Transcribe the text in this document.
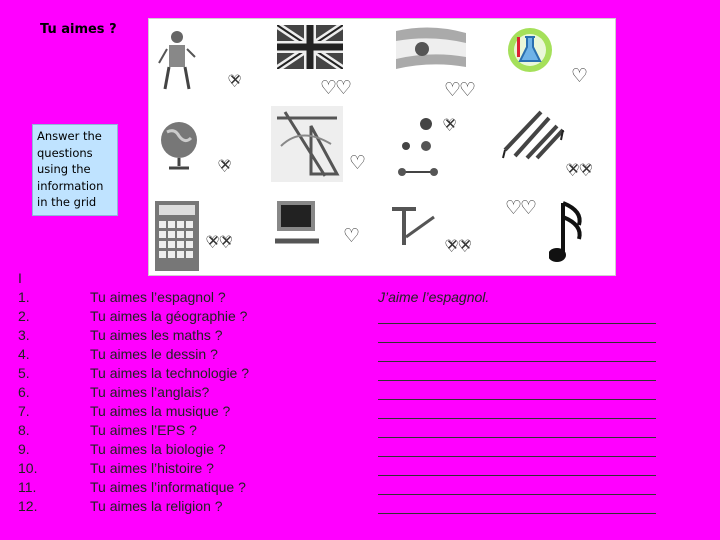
Tu aimes ?
♡ ✕	♡♡	♡♡
♡
♡ ✕	♡
♡ ✕
♡ ✕♡ ✕
♡ ✕♡ ✕	♡	♡ ✕♡ ✕
♡♡
Answer the questions using the information in the grid
I
1.	Tu aimes l’espagnol ?	J’aime l’espagnol.
2.	Tu aimes la géographie ?
3.	Tu aimes les maths ?
4.	Tu aimes le dessin ?
5.	Tu aimes la technologie ?
6.	Tu aimes l’anglais?
7.	Tu aimes la musique ?
8.	Tu aimes l’EPS ?
9.	Tu aimes la biologie ?
10.	Tu aimes l’histoire ?
11.	Tu aimes l’informatique ?
12.	Tu aimes la religion ?
